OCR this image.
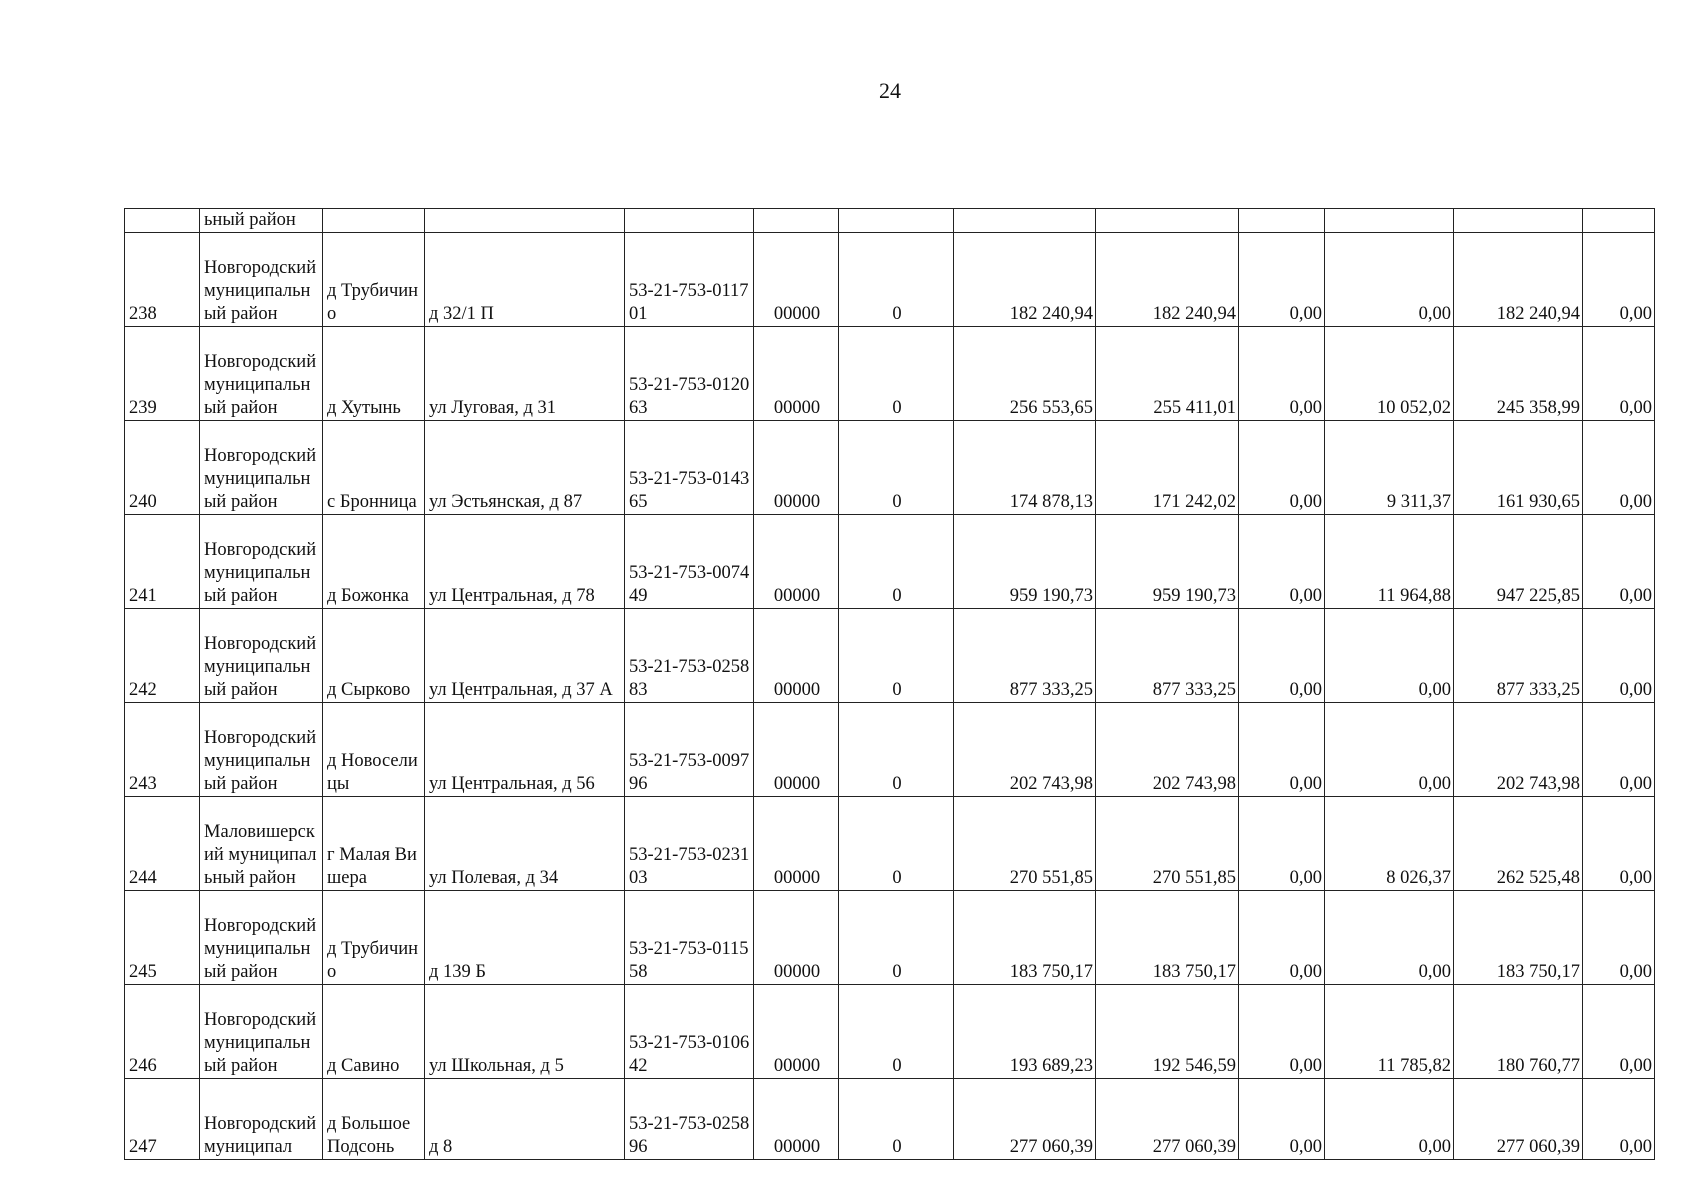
24
	ьный район											
238	Новгородский муниципальный район	д Трубичино	д 32/1 П	53-21-753-011701	00000	0	182 240,94	182 240,94	0,00	0,00	182 240,94	0,00
239	Новгородский муниципальный район	д Хутынь	ул Луговая, д 31	53-21-753-012063	00000	0	256 553,65	255 411,01	0,00	10 052,02	245 358,99	0,00
240	Новгородский муниципальный район	с Бронница	ул Эстьянская, д 87	53-21-753-014365	00000	0	174 878,13	171 242,02	0,00	9 311,37	161 930,65	0,00
241	Новгородский муниципальный район	д Божонка	ул Центральная, д 78	53-21-753-007449	00000	0	959 190,73	959 190,73	0,00	11 964,88	947 225,85	0,00
242	Новгородский муниципальный район	д Сырково	ул Центральная, д 37 А	53-21-753-025883	00000	0	877 333,25	877 333,25	0,00	0,00	877 333,25	0,00
243	Новгородский муниципальный район	д Новоселицы	ул Центральная, д 56	53-21-753-009796	00000	0	202 743,98	202 743,98	0,00	0,00	202 743,98	0,00
244	Маловишерский муниципальный район	г Малая Вишера	ул Полевая, д 34	53-21-753-023103	00000	0	270 551,85	270 551,85	0,00	8 026,37	262 525,48	0,00
245	Новгородский муниципальный район	д Трубичино	д 139 Б	53-21-753-011558	00000	0	183 750,17	183 750,17	0,00	0,00	183 750,17	0,00
246	Новгородский муниципальный район	д Савино	ул Школьная, д 5	53-21-753-010642	00000	0	193 689,23	192 546,59	0,00	11 785,82	180 760,77	0,00
247	Новгородский муниципал	д Большое Подсонь	д 8	53-21-753-025896	00000	0	277 060,39	277 060,39	0,00	0,00	277 060,39	0,00
